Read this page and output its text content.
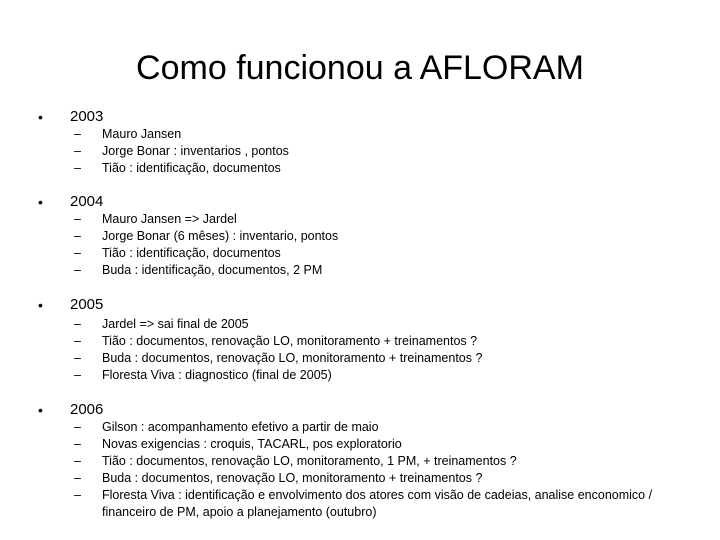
Como funcionou a AFLORAM
• 2003
– Mauro Jansen
– Jorge Bonar : inventarios , pontos
– Tião : identificação, documentos
• 2004
– Mauro Jansen => Jardel
– Jorge Bonar (6 mêses) : inventario, pontos
– Tião : identificação, documentos
– Buda : identificação, documentos, 2 PM
• 2005
– Jardel => sai final de 2005
– Tião : documentos, renovação LO, monitoramento + treinamentos ?
– Buda : documentos, renovação LO, monitoramento + treinamentos ?
– Floresta Viva : diagnostico (final de 2005)
• 2006
– Gilson : acompanhamento efetivo a partir de maio
– Novas exigencias : croquis, TACARL, pos exploratorio
– Tião : documentos, renovação LO, monitoramento, 1 PM, + treinamentos ?
– Buda : documentos, renovação LO, monitoramento + treinamentos ?
– Floresta Viva : identificação e envolvimento dos atores com visão de cadeias, analise enconomico / financeiro de PM, apoio a planejamento (outubro)
